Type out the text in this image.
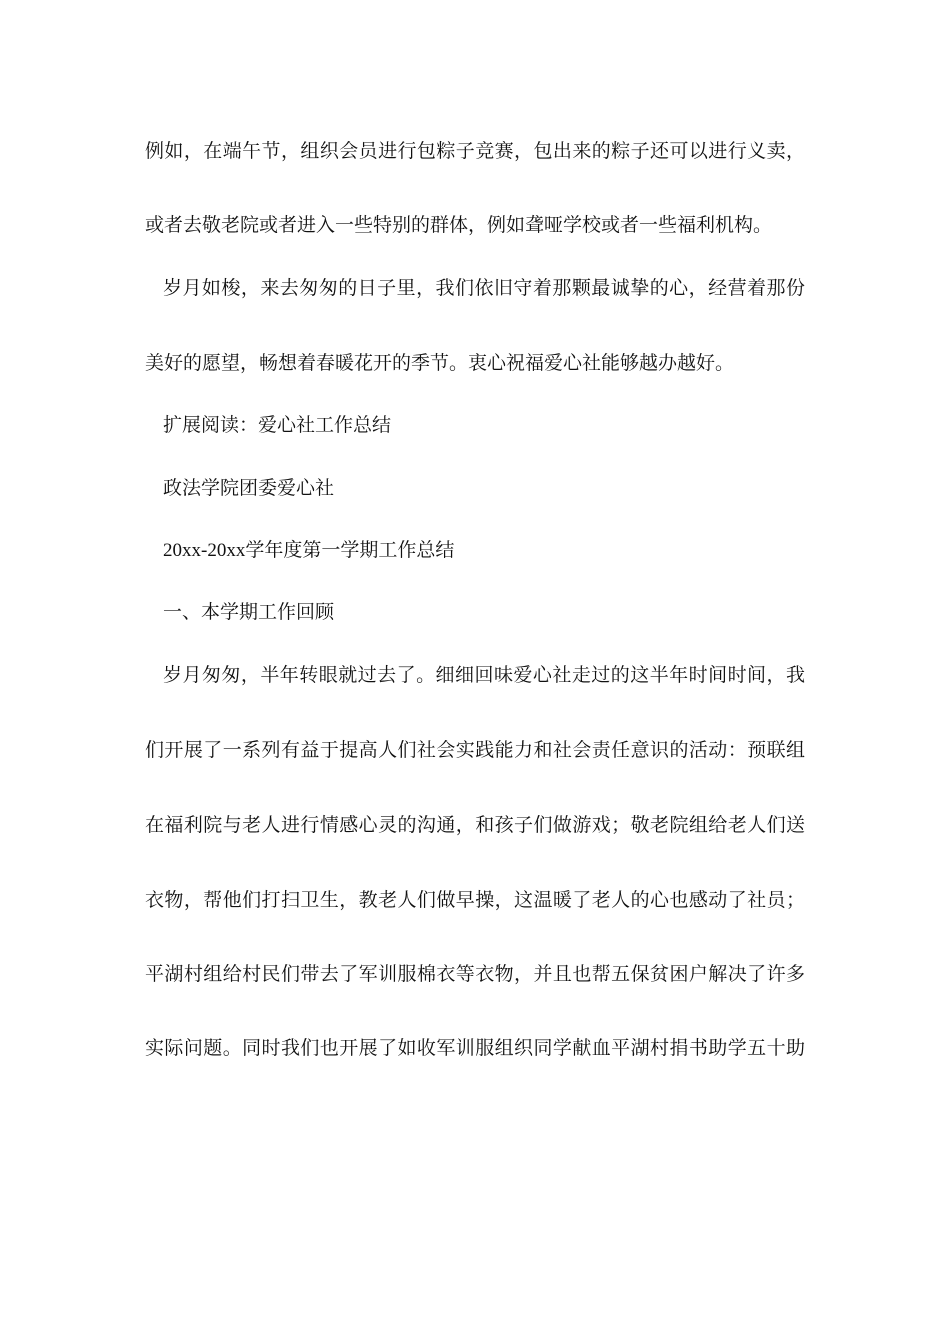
例如，在端午节，组织会员进行包粽子竞赛，包出来的粽子还可以进行义卖，
或者去敬老院或者进入一些特别的群体，例如聋哑学校或者一些福利机构。
岁月如梭，来去匆匆的日子里，我们依旧守着那颗最诚挚的心，经营着那份
美好的愿望，畅想着春暖花开的季节。衷心祝福爱心社能够越办越好。
扩展阅读：爱心社工作总结
政法学院团委爱心社
20xx-20xx学年度第一学期工作总结
一、本学期工作回顾
岁月匆匆，半年转眼就过去了。细细回味爱心社走过的这半年时间时间，我
们开展了一系列有益于提高人们社会实践能力和社会责任意识的活动：预联组
在福利院与老人进行情感心灵的沟通，和孩子们做游戏；敬老院组给老人们送
衣物，帮他们打扫卫生，教老人们做早操，这温暖了老人的心也感动了社员；
平湖村组给村民们带去了军训服棉衣等衣物，并且也帮五保贫困户解决了许多
实际问题。同时我们也开展了如收军训服组织同学献血平湖村捐书助学五十助
